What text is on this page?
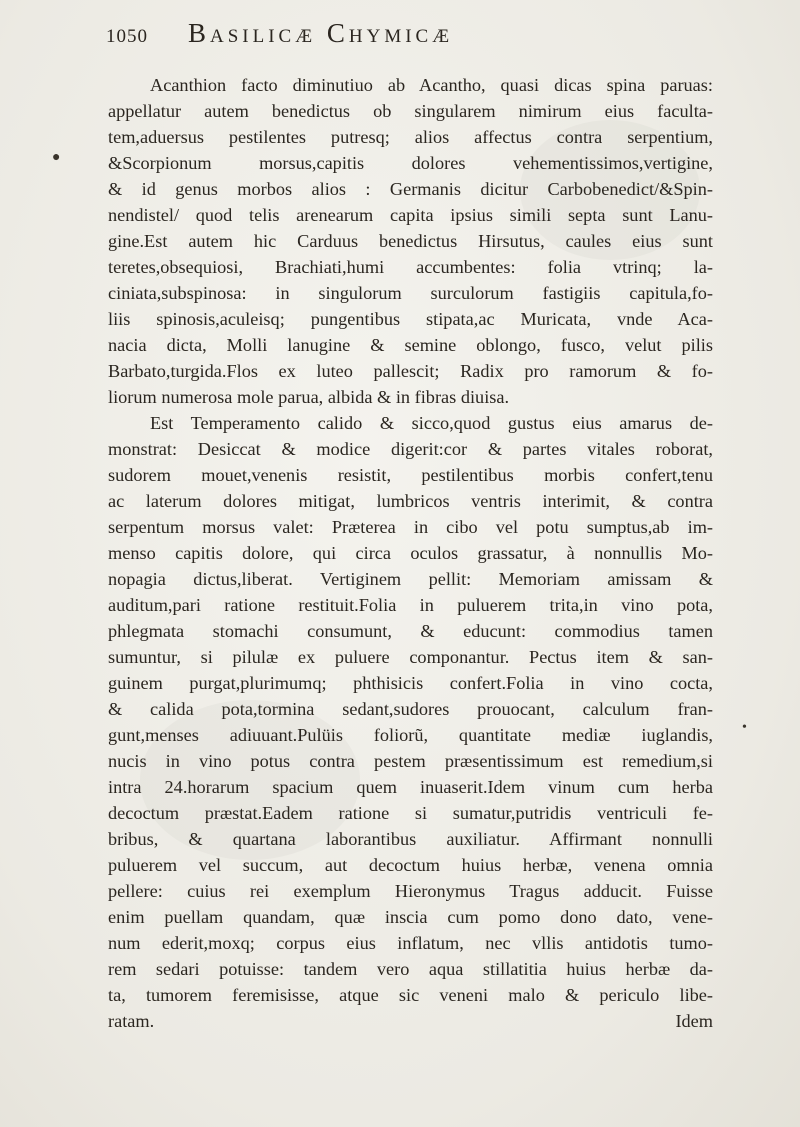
1050 Basilicæ Chymicæ
●
•
Acanthion facto diminutiuo ab Acantho, quasi dicas spina paruas:
appellatur autem benedictus ob singularem nimirum eius faculta-
tem,aduersus pestilentes putresq; alios affectus contra serpentium,
&Scorpionum morsus,capitis dolores vehementissimos,vertigine,
& id genus morbos alios : Germanis dicitur Carbobenedict/&Spin-
nendistel/ quod telis arenearum capita ipsius simili septa sunt Lanu-
gine.Est autem hic Carduus benedictus Hirsutus, caules eius sunt
teretes,obsequiosi, Brachiati,humi accumbentes: folia vtrinq; la-
ciniata,subspinosa: in singulorum surculorum fastigiis capitula,fo-
liis spinosis,aculeisq; pungentibus stipata,ac Muricata, vnde Aca-
nacia dicta, Molli lanugine & semine oblongo, fusco, velut pilis
Barbato,turgida.Flos ex luteo pallescit; Radix pro ramorum & fo-
liorum numerosa mole parua, albida & in fibras diuisa.
Est Temperamento calido & sicco,quod gustus eius amarus de-
monstrat: Desiccat & modice digerit:cor & partes vitales roborat,
sudorem mouet,venenis resistit, pestilentibus morbis confert,tenu
ac laterum dolores mitigat, lumbricos ventris interimit, & contra
serpentum morsus valet: Præterea in cibo vel potu sumptus,ab im-
menso capitis dolore, qui circa oculos grassatur, à nonnullis Mo-
nopagia dictus,liberat. Vertiginem pellit: Memoriam amissam &
auditum,pari ratione restituit.Folia in puluerem trita,in vino pota,
phlegmata stomachi consumunt, & educunt: commodius tamen
sumuntur, si pilulæ ex puluere componantur. Pectus item & san-
guinem purgat,plurimumq; phthisicis confert.Folia in vino cocta,
& calida pota,tormina sedant,sudores prouocant, calculum fran-
gunt,menses adiuuant.Pulüis foliorũ, quantitate mediæ iuglandis,
nucis in vino potus contra pestem præsentissimum est remedium,si
intra 24.horarum spacium quem inuaserit.Idem vinum cum herba
decoctum præstat.Eadem ratione si sumatur,putridis ventriculi fe-
bribus, & quartana laborantibus auxiliatur. Affirmant nonnulli
puluerem vel succum, aut decoctum huius herbæ, venena omnia
pellere: cuius rei exemplum Hieronymus Tragus adducit. Fuisse
enim puellam quandam, quæ inscia cum pomo dono dato, vene-
num ederit,moxq; corpus eius inflatum, nec vllis antidotis tumo-
rem sedari potuisse: tandem vero aqua stillatitia huius herbæ da-
ta, tumorem feremisisse, atque sic veneni malo & periculo libe-
ratam.	Idem
